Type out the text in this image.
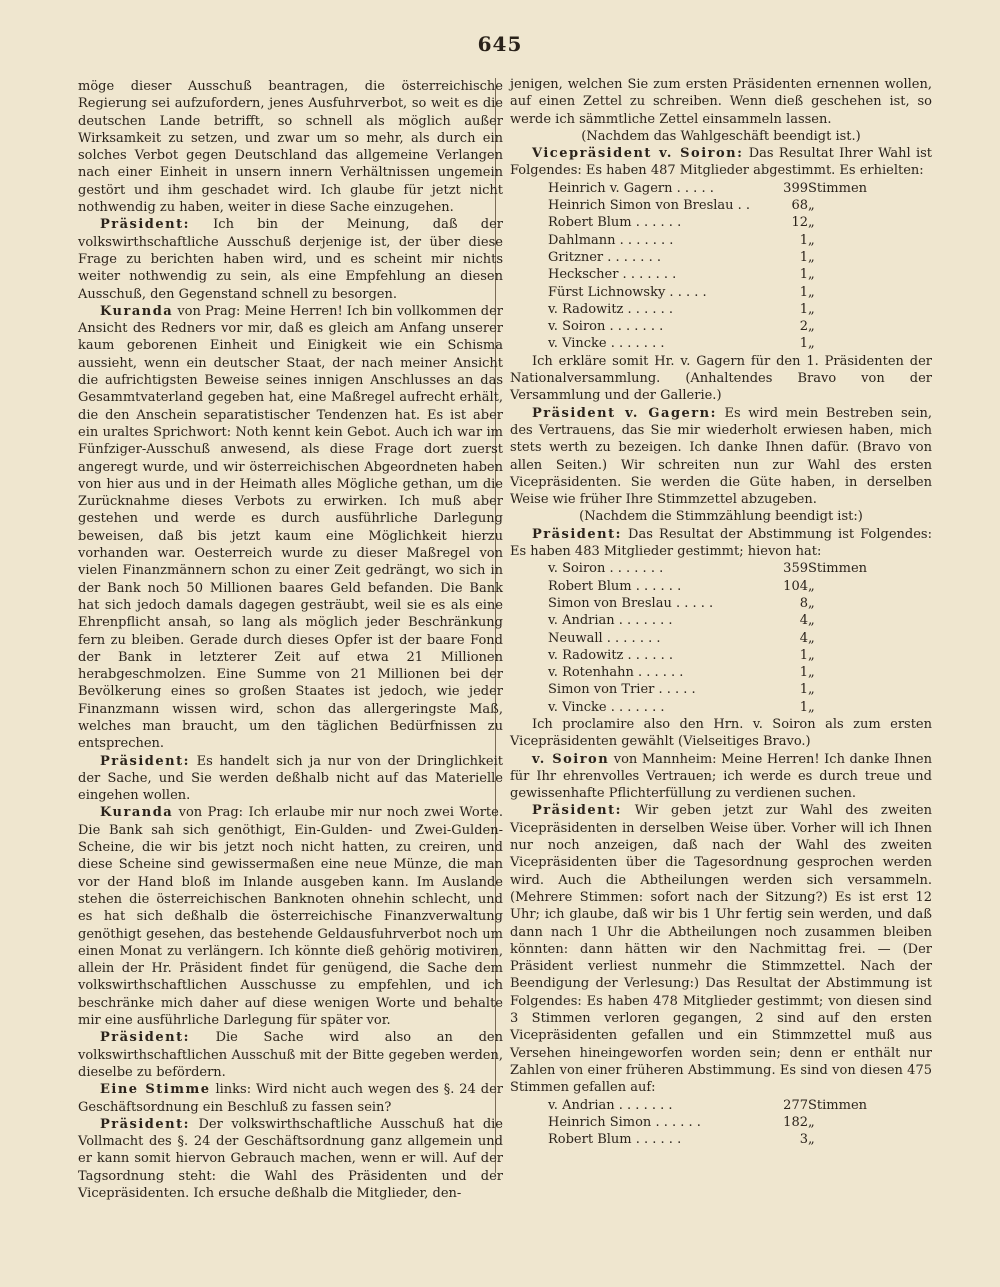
645

möge dieser Ausschuß beantragen, die österreichische Regierung sei aufzufordern, jenes Ausfuhrverbot, so weit es die deutschen Lande betrifft, so schnell als möglich außer Wirksamkeit zu setzen, und zwar um so mehr, als durch ein solches Verbot gegen Deutschland das allgemeine Verlangen nach einer Einheit in unsern innern Verhältnissen ungemein gestört und ihm geschadet wird. Ich glaube für jetzt nicht nothwendig zu haben, weiter in diese Sache einzugehen.

Präsident: Ich bin der Meinung, daß der volkswirthschaftliche Ausschuß derjenige ist, der über diese Frage zu berichten haben wird, und es scheint mir nichts weiter nothwendig zu sein, als eine Empfehlung an diesen Ausschuß, den Gegenstand schnell zu besorgen.

Kuranda von Prag: Meine Herren! Ich bin vollkommen der Ansicht des Redners vor mir, daß es gleich am Anfang unserer kaum geborenen Einheit und Einigkeit wie ein Schisma aussieht, wenn ein deutscher Staat, der nach meiner Ansicht die aufrichtigsten Beweise seines innigen Anschlusses an das Gesammtvaterland gegeben hat, eine Maßregel aufrecht erhält, die den Anschein separatistischer Tendenzen hat. Es ist aber ein uraltes Sprichwort: Noth kennt kein Gebot. Auch ich war im Fünfziger-Ausschuß anwesend, als diese Frage dort zuerst angeregt wurde, und wir österreichischen Abgeordneten haben von hier aus und in der Heimath alles Mögliche gethan, um die Zurücknahme dieses Verbots zu erwirken. Ich muß aber gestehen und werde es durch ausführliche Darlegung beweisen, daß bis jetzt kaum eine Möglichkeit hierzu vorhanden war. Oesterreich wurde zu dieser Maßregel von vielen Finanzmännern schon zu einer Zeit gedrängt, wo sich in der Bank noch 50 Millionen baares Geld befanden. Die Bank hat sich jedoch damals dagegen gesträubt, weil sie es als eine Ehrenpflicht ansah, so lang als möglich jeder Beschränkung fern zu bleiben. Gerade durch dieses Opfer ist der baare Fond der Bank in letzterer Zeit auf etwa 21 Millionen herabgeschmolzen. Eine Summe von 21 Millionen bei der Bevölkerung eines so großen Staates ist jedoch, wie jeder Finanzmann wissen wird, schon das allergeringste Maß, welches man braucht, um den täglichen Bedürfnissen zu entsprechen.

Präsident: Es handelt sich ja nur von der Dringlichkeit der Sache, und Sie werden deßhalb nicht auf das Materielle eingehen wollen.

Kuranda von Prag: Ich erlaube mir nur noch zwei Worte. Die Bank sah sich genöthigt, Ein-Gulden- und Zwei-Gulden-Scheine, die wir bis jetzt noch nicht hatten, zu creiren, und diese Scheine sind gewissermaßen eine neue Münze, die man vor der Hand bloß im Inlande ausgeben kann. Im Auslande stehen die österreichischen Banknoten ohnehin schlecht, und es hat sich deßhalb die österreichische Finanzverwaltung genöthigt gesehen, das bestehende Geldausfuhrverbot noch um einen Monat zu verlängern. Ich könnte dieß gehörig motiviren, allein der Hr. Präsident findet für genügend, die Sache dem volkswirthschaftlichen Ausschusse zu empfehlen, und ich beschränke mich daher auf diese wenigen Worte und behalte mir eine ausführliche Darlegung für später vor.

Präsident: Die Sache wird also an den volkswirthschaftlichen Ausschuß mit der Bitte gegeben werden, dieselbe zu befördern.

Eine Stimme links: Wird nicht auch wegen des §. 24 der Geschäftsordnung ein Beschluß zu fassen sein?

Präsident: Der volkswirthschaftliche Ausschuß hat die Vollmacht des §. 24 der Geschäftsordnung ganz allgemein und er kann somit hiervon Gebrauch machen, wenn er will. Auf der Tagsordnung steht: die Wahl des Präsidenten und der Vicepräsidenten. Ich ersuche deßhalb die Mitglieder, den-

jenigen, welchen Sie zum ersten Präsidenten ernennen wollen, auf einen Zettel zu schreiben. Wenn dieß geschehen ist, so werde ich sämmtliche Zettel einsammeln lassen.

(Nachdem das Wahlgeschäft beendigt ist.)

Vicepräsident v. Soiron: Das Resultat Ihrer Wahl ist Folgendes: Es haben 487 Mitglieder abgestimmt. Es erhielten:

Heinrich v. Gagern . . . . .	399	Stimmen
Heinrich Simon von Breslau . .	68	„
Robert Blum . . . . . .	12	„
Dahlmann . . . . . . .	1	„
Gritzner . . . . . . .	1	„
Heckscher . . . . . . .	1	„
Fürst Lichnowsky . . . . .	1	„
v. Radowitz . . . . . .	1	„
v. Soiron . . . . . . .	2	„
v. Vincke . . . . . . .	1	„

Ich erkläre somit Hr. v. Gagern für den 1. Präsidenten der Nationalversammlung. (Anhaltendes Bravo von der Versammlung und der Gallerie.)

Präsident v. Gagern: Es wird mein Bestreben sein, des Vertrauens, das Sie mir wiederholt erwiesen haben, mich stets werth zu bezeigen. Ich danke Ihnen dafür. (Bravo von allen Seiten.) Wir schreiten nun zur Wahl des ersten Vicepräsidenten. Sie werden die Güte haben, in derselben Weise wie früher Ihre Stimmzettel abzugeben.

(Nachdem die Stimmzählung beendigt ist:)

Präsident: Das Resultat der Abstimmung ist Folgendes: Es haben 483 Mitglieder gestimmt; hievon hat:

v. Soiron . . . . . . .	359	Stimmen
Robert Blum . . . . . .	104	„
Simon von Breslau . . . . .	8	„
v. Andrian . . . . . . .	4	„
Neuwall . . . . . . .	4	„
v. Radowitz . . . . . .	1	„
v. Rotenhahn . . . . . .	1	„
Simon von Trier . . . . .	1	„
v. Vincke . . . . . . .	1	„

Ich proclamire also den Hrn. v. Soiron als zum ersten Vicepräsidenten gewählt (Vielseitiges Bravo.)

v. Soiron von Mannheim: Meine Herren! Ich danke Ihnen für Ihr ehrenvolles Vertrauen; ich werde es durch treue und gewissenhafte Pflichterfüllung zu verdienen suchen.

Präsident: Wir geben jetzt zur Wahl des zweiten Vicepräsidenten in derselben Weise über. Vorher will ich Ihnen nur noch anzeigen, daß nach der Wahl des zweiten Vicepräsidenten über die Tagesordnung gesprochen werden wird. Auch die Abtheilungen werden sich versammeln. (Mehrere Stimmen: sofort nach der Sitzung?) Es ist erst 12 Uhr; ich glaube, daß wir bis 1 Uhr fertig sein werden, und daß dann nach 1 Uhr die Abtheilungen noch zusammen bleiben könnten: dann hätten wir den Nachmittag frei. — (Der Präsident verliest nunmehr die Stimmzettel. Nach der Beendigung der Verlesung:) Das Resultat der Abstimmung ist Folgendes: Es haben 478 Mitglieder gestimmt; von diesen sind 3 Stimmen verloren gegangen, 2 sind auf den ersten Vicepräsidenten gefallen und ein Stimmzettel muß aus Versehen hineingeworfen worden sein; denn er enthält nur Zahlen von einer früheren Abstimmung. Es sind von diesen 475 Stimmen gefallen auf:

v. Andrian . . . . . . .	277	Stimmen
Heinrich Simon . . . . . .	182	„
Robert Blum . . . . . .	3	„
